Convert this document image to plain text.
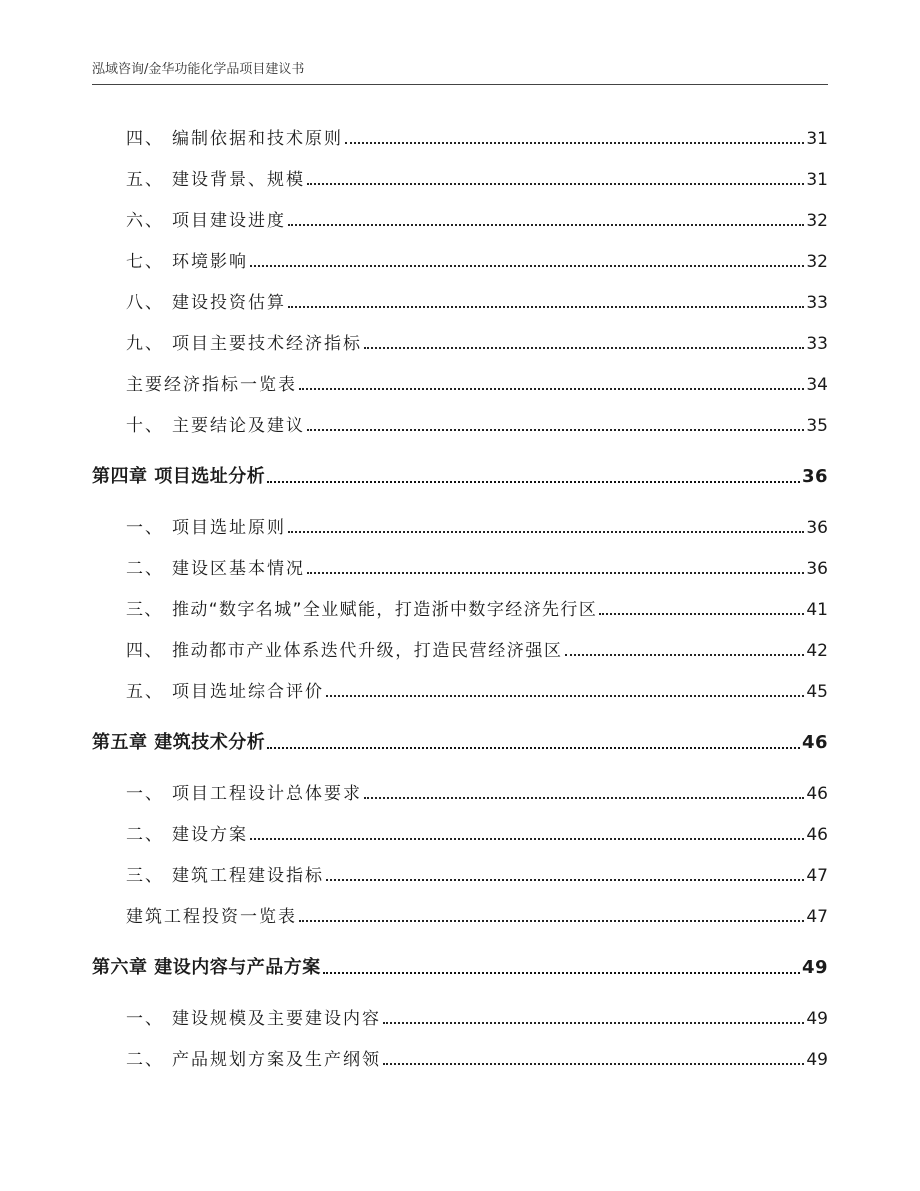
泓域咨询/金华功能化学品项目建议书
四、 编制依据和技术原则	31
五、 建设背景、规模	31
六、 项目建设进度	32
七、 环境影响	32
八、 建设投资估算	33
九、 项目主要技术经济指标	33
主要经济指标一览表	34
十、 主要结论及建议	35
第四章 项目选址分析	36
一、 项目选址原则	36
二、 建设区基本情况	36
三、 推动“数字名城”全业赋能，打造浙中数字经济先行区	41
四、 推动都市产业体系迭代升级，打造民营经济强区	42
五、 项目选址综合评价	45
第五章 建筑技术分析	46
一、 项目工程设计总体要求	46
二、 建设方案	46
三、 建筑工程建设指标	47
建筑工程投资一览表	47
第六章 建设内容与产品方案	49
一、 建设规模及主要建设内容	49
二、 产品规划方案及生产纲领	49
